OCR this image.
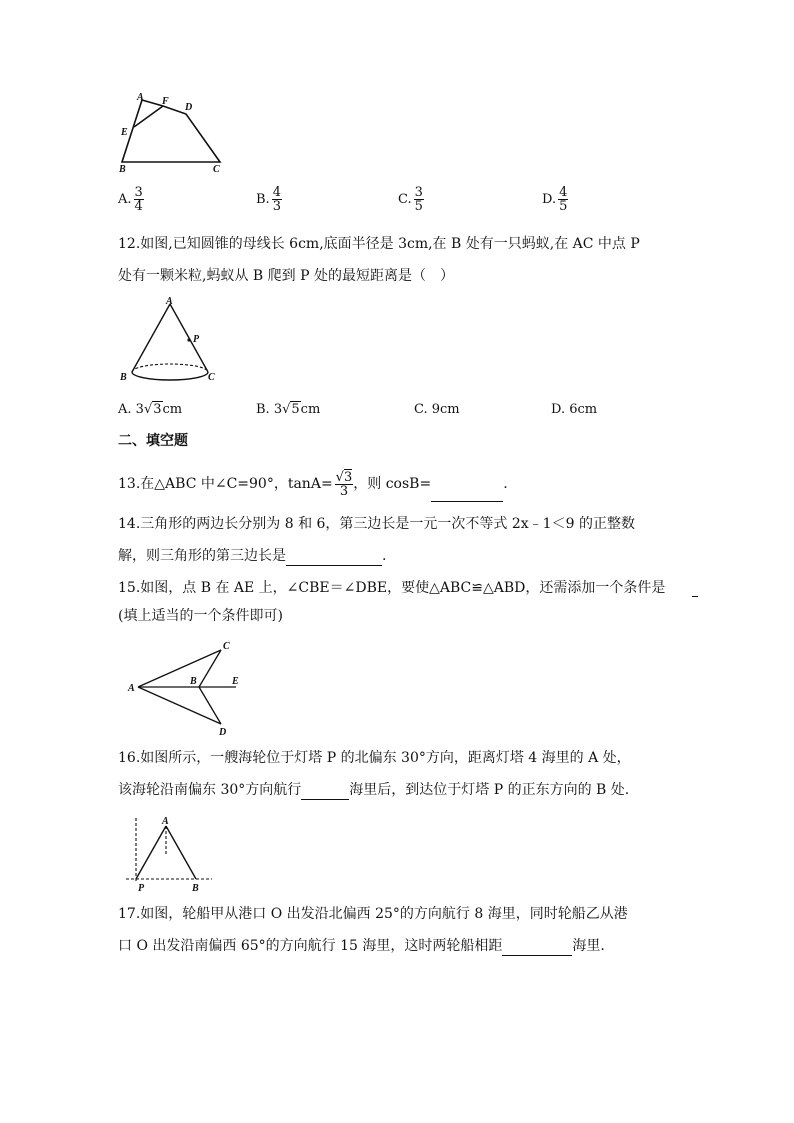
A F
D
E
B	C
A. $\frac{3}{4}$	B. $\frac{4}{3}$	C. $\frac{3}{5}$	D. $\frac{4}{5}$
12.如图,已知圆锥的母线长 6cm,底面半径是 3cm,在 B 处有一只蚂蚁,在 AC 中点 P
处有一颗米粒,蚂蚁从 B 爬到 P 处的最短距离是（　）
A
P
B	C
A. 3√3cm	B. 3√5cm	C. 9cm	D. 6cm
二、填空题
13.在△ABC 中∠C=90°，$\tan A= \frac{√3}{3}$ ，则 cosB=	.
14.三角形的两边长分别为 8 和 6，第三边长是一元一次不等式 2x﹣1＜9 的正整数
解，则三角形的第三边长是	.
15.如图，点 B 在 AE 上，∠CBE＝∠DBE，要使△ABC≌△ABD，还需添加一个条件是
(填上适当的一个条件即可)
A
B
C
D
E
16.如图所示，一艘海轮位于灯塔 P 的北偏东 30°方向，距离灯塔 4 海里的 A 处，
该海轮沿南偏东 30°方向航行	海里后，到达位于灯塔 P 的正东方向的 B 处.
A
P	B
17.如图，轮船甲从港口 O 出发沿北偏西 25°的方向航行 8 海里，同时轮船乙从港
口 O 出发沿南偏西 65°的方向航行 15 海里，这时两轮船相距	海里.
